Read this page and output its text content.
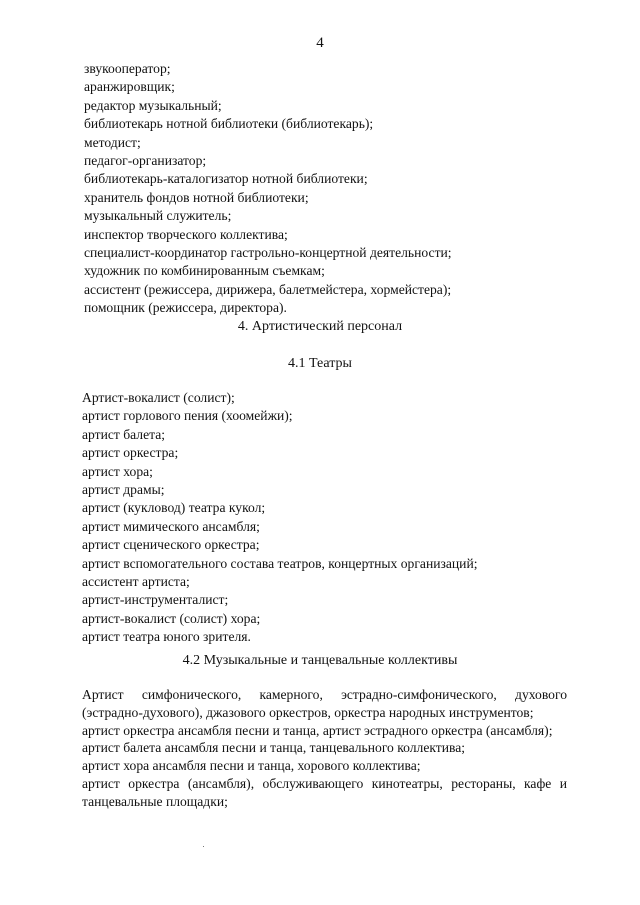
4
звукооператор;
аранжировщик;
редактор музыкальный;
библиотекарь нотной библиотеки (библиотекарь);
методист;
педагог-организатор;
библиотекарь-каталогизатор нотной библиотеки;
хранитель фондов нотной библиотеки;
музыкальный служитель;
инспектор творческого коллектива;
специалист-координатор гастрольно-концертной деятельности;
художник по комбинированным съемкам;
ассистент (режиссера, дирижера, балетмейстера, хормейстера);
помощник (режиссера, директора).
4. Артистический персонал
4.1 Театры
Артист-вокалист (солист);
артист горлового пения (хоомейжи);
артист балета;
артист оркестра;
артист хора;
артист драмы;
артист (кукловод) театра кукол;
артист мимического ансамбля;
артист сценического оркестра;
артист вспомогательного состава театров, концертных организаций;
ассистент артиста;
артист-инструменталист;
артист-вокалист (солист) хора;
артист театра юного зрителя.
4.2 Музыкальные и танцевальные коллективы
Артист симфонического, камерного, эстрадно-симфонического, духового (эстрадно-духового), джазового оркестров, оркестра народных инструментов;
артист оркестра ансамбля песни и танца, артист эстрадного оркестра (ансамбля);
артист балета ансамбля песни и танца, танцевального коллектива;
артист хора ансамбля песни и танца, хорового коллектива;
артист оркестра (ансамбля), обслуживающего кинотеатры, рестораны, кафе и танцевальные площадки;
